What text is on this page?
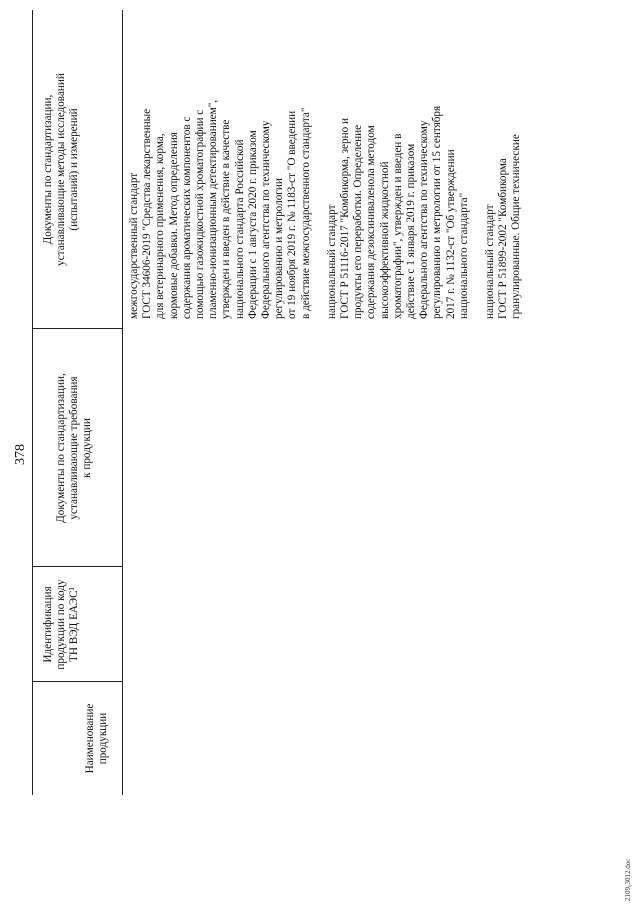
378
Наименование продукции
Идентификация продукции по коду ТН ВЭД ЕАЭС¹
Документы по стандартизации, устанавливающие требования к продукции
Документы по стандартизации, устанавливающие методы исследований (испытаний) и измерений
межгосударственный стандарт ГОСТ 34606-2019 "Средства лекарственные для ветеринарного применения, корма, кормовые добавки. Метод определения содержания ароматических компонентов с помощью газожидкостной хроматографии с пламенно-ионизационным детектированием", утвержден и введен в действие в качестве национального стандарта Российской Федерации с 1 августа 2020 г. приказом Федерального агентства по техническому регулированию и метрологии от 19 ноября 2019 г. № 1183-ст "О введении в действие межгосударственного стандарта" национальный стандарт ГОСТ Р 51116-2017 "Комбикорма, зерно и продукты его переработки. Определение содержания дезоксиниваленола методом высокоэффективной жидкостной хроматографии", утвержден и введен в действие с 1 января 2019 г. приказом Федерального агентства по техническому регулированию и метрологии от 15 сентября 2017 г. № 1132-ст "Об утверждении национального стандарта" национальный стандарт ГОСТ Р 51899-2002 "Комбикорма гранулированные. Общие технические
2109₀3012.doc
